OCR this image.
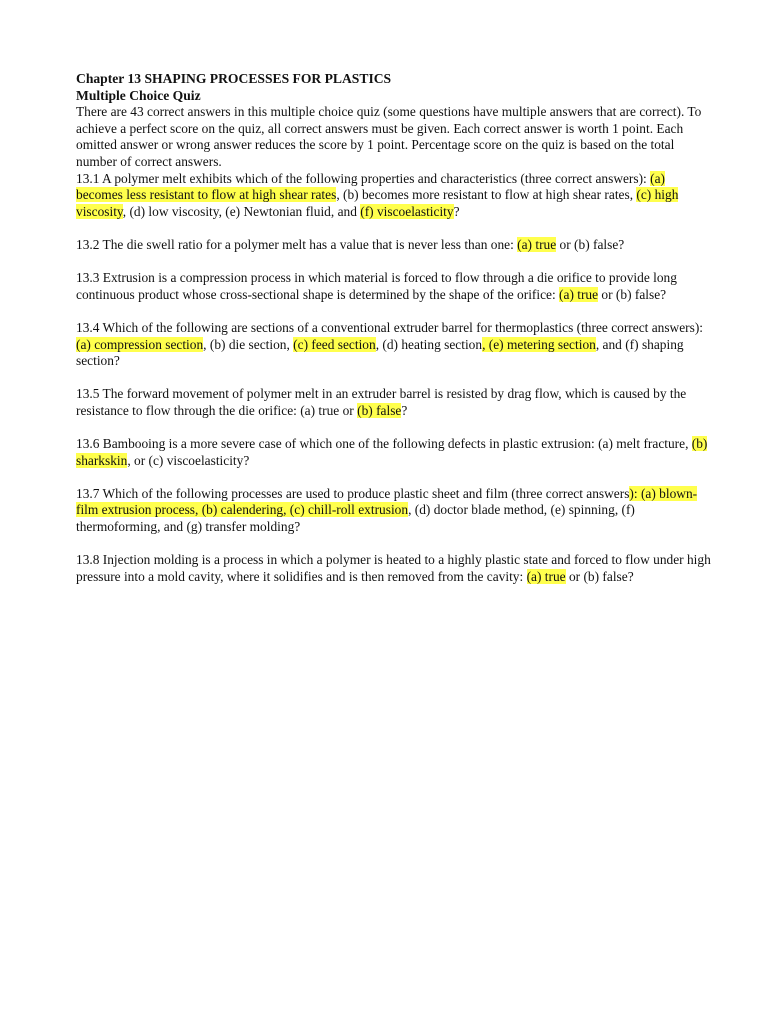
Chapter 13 SHAPING PROCESSES FOR PLASTICS
Multiple Choice Quiz

There are 43 correct answers in this multiple choice quiz (some questions have multiple answers that are correct). To achieve a perfect score on the quiz, all correct answers must be given. Each correct answer is worth 1 point. Each omitted answer or wrong answer reduces the score by 1 point. Percentage score on the quiz is based on the total number of correct answers.

13.1 A polymer melt exhibits which of the following properties and characteristics (three correct answers): (a) becomes less resistant to flow at high shear rates, (b) becomes more resistant to flow at high shear rates, (c) high viscosity, (d) low viscosity, (e) Newtonian fluid, and (f) viscoelasticity?

13.2 The die swell ratio for a polymer melt has a value that is never less than one: (a) true or (b) false?

13.3 Extrusion is a compression process in which material is forced to flow through a die orifice to provide long continuous product whose cross-sectional shape is determined by the shape of the orifice: (a) true or (b) false?

13.4 Which of the following are sections of a conventional extruder barrel for thermoplastics (three correct answers): (a) compression section, (b) die section, (c) feed section, (d) heating section, (e) metering section, and (f) shaping section?

13.5 The forward movement of polymer melt in an extruder barrel is resisted by drag flow, which is caused by the resistance to flow through the die orifice: (a) true or (b) false?

13.6 Bambooing is a more severe case of which one of the following defects in plastic extrusion: (a) melt fracture, (b) sharkskin, or (c) viscoelasticity?

13.7 Which of the following processes are used to produce plastic sheet and film (three correct answers): (a) blown-film extrusion process, (b) calendering, (c) chill-roll extrusion, (d) doctor blade method, (e) spinning, (f) thermoforming, and (g) transfer molding?

13.8 Injection molding is a process in which a polymer is heated to a highly plastic state and forced to flow under high pressure into a mold cavity, where it solidifies and is then removed from the cavity: (a) true or (b) false?
